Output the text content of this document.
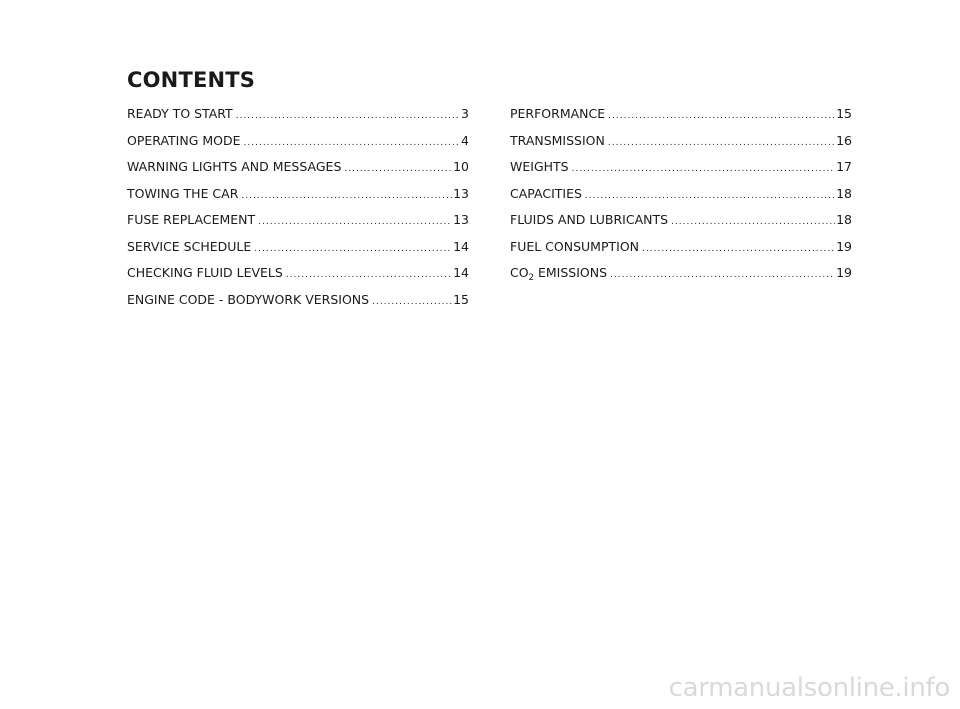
CONTENTS
READY TO START .....	3
OPERATING MODE .....	4
WARNING LIGHTS AND MESSAGES .....	10
TOWING THE CAR .....	13
FUSE REPLACEMENT .....	13
SERVICE SCHEDULE .....	14
CHECKING FLUID LEVELS .....	14
ENGINE CODE - BODYWORK VERSIONS .....	15
PERFORMANCE .....	15
TRANSMISSION .....	16
WEIGHTS .....	17
CAPACITIES .....	18
FLUIDS AND LUBRICANTS .....	18
FUEL CONSUMPTION .....	19
$CO_2$ EMISSIONS .....	19
carmanualsonline.info
